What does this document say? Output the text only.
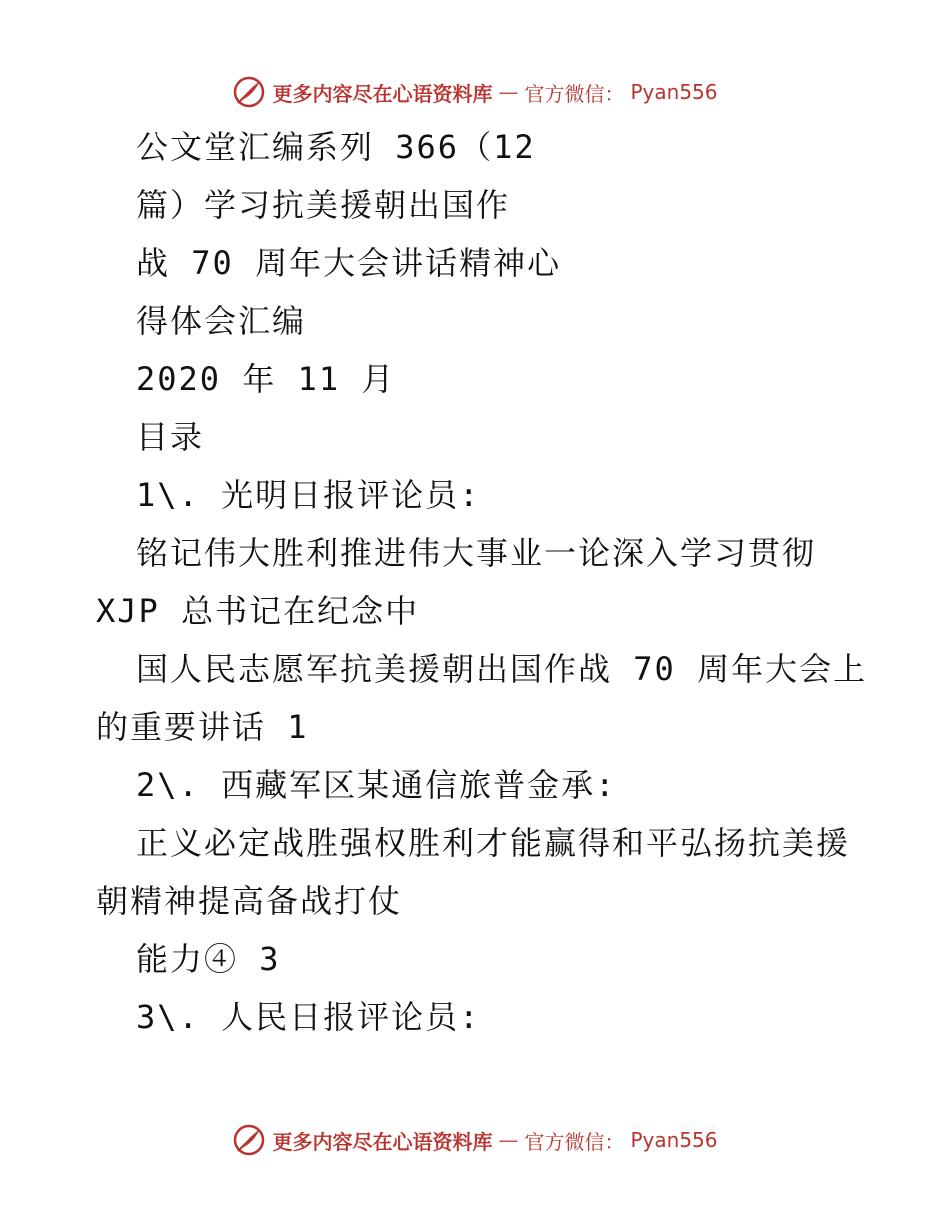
更多内容尽在心语资料库 — 官方微信： Pyan556
公文堂汇编系列 366（12
篇）学习抗美援朝出国作
战 70 周年大会讲话精神心
得体会汇编
2020 年 11 月
目录
1\. 光明日报评论员:
铭记伟大胜利推进伟大事业一论深入学习贯彻
XJP 总书记在纪念中
国人民志愿军抗美援朝出国作战 70 周年大会上
的重要讲话 1
2\. 西藏军区某通信旅普金承:
正义必定战胜强权胜利才能赢得和平弘扬抗美援
朝精神提高备战打仗
能力④ 3
3\. 人民日报评论员:
更多内容尽在心语资料库 — 官方微信： Pyan556
